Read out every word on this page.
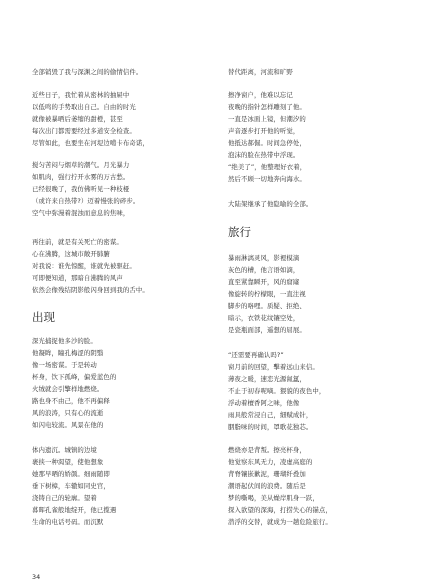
全部销毁了我与深渊之间的偷情信件。
近些日子，我忙着从密林的抽屉中
以低鸣的手势取出自己。自由的时光
就像被暴晒后萎缩的甜橙，甚至
每次出门都需要经过多道安全检查。
尽管如此，也要坐在河堤边噶卡布奇诺，
搅匀苦闷与烟草的潮气。月光暴力
如肌肉，强行拧开水雾的万古愁。
已经很晚了，我仿佛听见一种枝桠
（或许来自热带?）迈着慢张的碎步。
空气中弥漫着混浊而意息的焦味，
再往前，就是有关死亡的密谋。
心在沸腾，这城市敞开肺腑
对我说：谁先惊醒，谁就先被驱赶。
可即便知道，那暗自沸腾的风声
依然会像残结阴影般闪身回到我的舌中。
出现
深光捕捉他多沙的脸。
他凝眸，瞳孔梅涩的阴翳
像一场密谋。于是转动
杯身，饮下孤峰，偏爱蓝色的
火绒就会引擎样地燃烧。
路也身不由己，他不再偏释
风的浪涛，只有心的流逝
如闪电较流。风景在他的
体内遗沉。城镇的边境
裹挟一种渴望，使他想象
她那早晒的娇颜。细雨随即
垂下树樟，车辙如同史官，
浇铸自己的轮廓。望着
暮晖孔雀般地绽开，他已揽遇
生命的电话号码。而沉默
替代距离，河流和旷野
擦净窗户，他难以忘记
夜晚的指针怎样雕刻了他。
一直是冰面上镜，但潮汐的
声音逐步打开他的听觉，
他抵达郝倔。时间急停处，
泡沫的脸在热带中浮现。
“绝美了”，他整理好衣着，
然后不顾一切地奔向海水。
大陆架继承了他隐喻的全部。
旅行
暴雨淋漓灵风，影裡模滴
灰色的槽，他言语如滴，
直至紧靠瞬开，风的窟窿
像旋转的柠檬眼，一直注视
脚步的咯哩。质疑、拒绝、
暗示，衣铁花纹镶空处，
是瓷瓶面部，遥想的屈展。
“还需要再确认吗?”
窗月前的回望，擊着远山来信。
薄夜之暖，速恋光源氤氲，
不止于初春呢嘀。猥貌的夜色中，
浮动着檀香阿之味，他像
雨具般常浸自己，細赋成针，
胭脂味的时间，罩歌花独芯。
燃烧亦是背叛。擦亮杯身，
他觉察东风无力，凌虚高庭的
背脊镶嵌歉泥，珊瑚纤叠加
潮语起伏间的浪费。随后是
梦的嘶喝，美从燥岸肌身一跃，
探入欲望的深海，打捞失心的锚点，
潜浮的交替，就成为一趟危险旅行。
34
